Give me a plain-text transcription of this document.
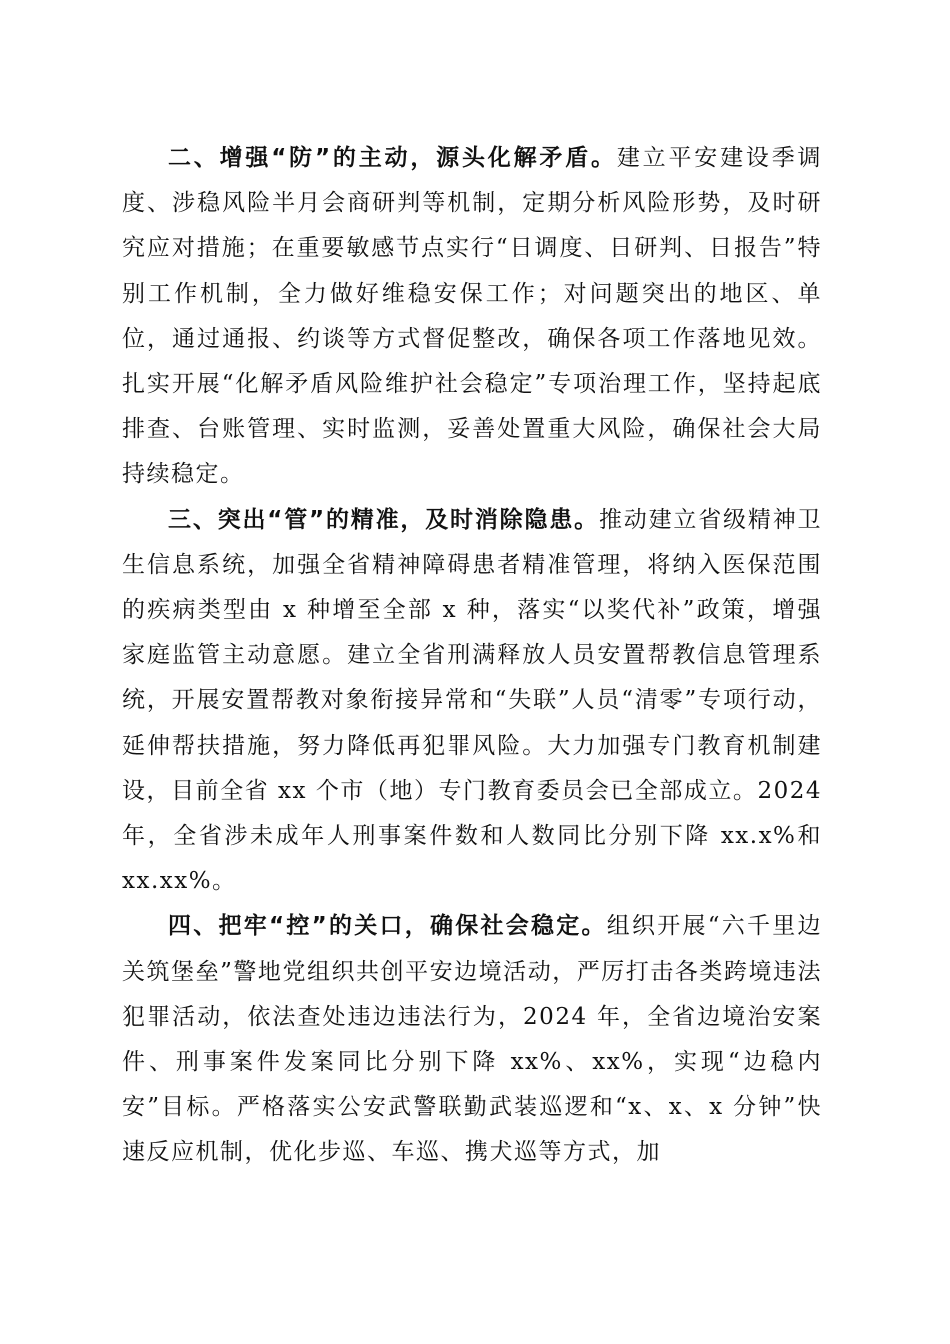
二、增强“防”的主动，源头化解矛盾。建立平安建设季调度、涉稳风险半月会商研判等机制，定期分析风险形势，及时研究应对措施；在重要敏感节点实行“日调度、日研判、日报告”特别工作机制，全力做好维稳安保工作；对问题突出的地区、单位，通过通报、约谈等方式督促整改，确保各项工作落地见效。扎实开展“化解矛盾风险维护社会稳定”专项治理工作，坚持起底排查、台账管理、实时监测，妥善处置重大风险，确保社会大局持续稳定。

三、突出“管”的精准，及时消除隐患。推动建立省级精神卫生信息系统，加强全省精神障碍患者精准管理，将纳入医保范围的疾病类型由 x 种增至全部 x 种，落实“以奖代补”政策，增强家庭监管主动意愿。建立全省刑满释放人员安置帮教信息管理系统，开展安置帮教对象衔接异常和“失联”人员“清零”专项行动，延伸帮扶措施，努力降低再犯罪风险。大力加强专门教育机制建设，目前全省 xx 个市（地）专门教育委员会已全部成立。2024 年，全省涉未成年人刑事案件数和人数同比分别下降 xx.x%和 xx.xx%。

四、把牢“控”的关口，确保社会稳定。组织开展“六千里边关筑堡垒”警地党组织共创平安边境活动，严厉打击各类跨境违法犯罪活动，依法查处违边违法行为，2024 年，全省边境治安案件、刑事案件发案同比分别下降 xx%、xx%，实现“边稳内安”目标。严格落实公安武警联勤武装巡逻和“x、x、x 分钟”快速反应机制，优化步巡、车巡、携犬巡等方式，加
